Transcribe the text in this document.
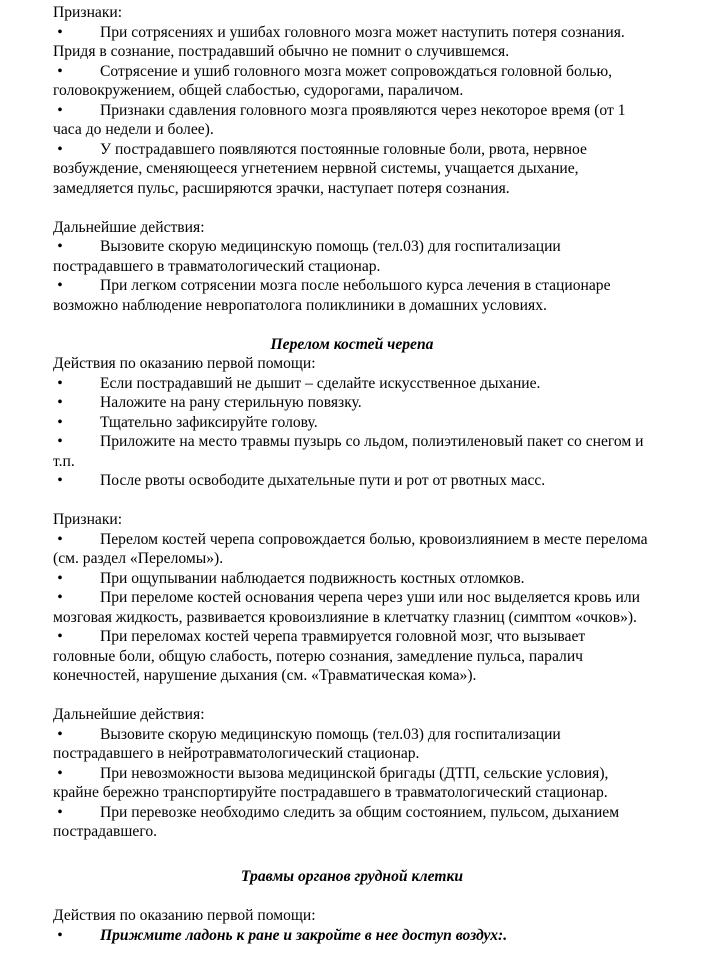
Признаки:
• При сотрясениях и ушибах головного мозга может наступить потеря сознания.
Придя в сознание, пострадавший обычно не помнит о случившемся.
• Сотрясение и ушиб головного мозга может сопровождаться головной болью,
головокружением, общей слабостью, судорогами, параличом.
• Признаки сдавления головного мозга проявляются через некоторое время (от 1
часа до недели и более).
• У пострадавшего появляются постоянные головные боли, рвота, нервное
возбуждение, сменяющееся угнетением нервной системы, учащается дыхание,
замедляется пульс, расширяются зрачки, наступает потеря сознания.
Дальнейшие действия:
• Вызовите скорую медицинскую помощь (тел.03) для госпитализации
пострадавшего в травматологический стационар.
• При легком сотрясении мозга после небольшого курса лечения в стационаре
возможно наблюдение невропатолога поликлиники в домашних условиях.
Перелом костей черепа
Действия по оказанию первой помощи:
• Если пострадавший не дышит – сделайте искусственное дыхание.
• Наложите на рану стерильную повязку.
• Тщательно зафиксируйте голову.
• Приложите на место травмы пузырь со льдом, полиэтиленовый пакет со снегом и
т.п.
• После рвоты освободите дыхательные пути и рот от рвотных масс.
Признаки:
• Перелом костей черепа сопровождается болью, кровоизлиянием в месте перелома
(см. раздел «Переломы»).
• При ощупывании наблюдается подвижность костных отломков.
• При переломе костей основания черепа через уши или нос выделяется кровь или
мозговая жидкость, развивается кровоизлияние в клетчатку глазниц (симптом «очков»).
• При переломах костей черепа травмируется головной мозг, что вызывает
головные боли, общую слабость, потерю сознания, замедление пульса, паралич
конечностей, нарушение дыхания (см. «Травматическая кома»).
Дальнейшие действия:
• Вызовите скорую медицинскую помощь (тел.03) для госпитализации
пострадавшего в нейротравматологический стационар.
• При невозможности вызова медицинской бригады (ДТП, сельские условия),
крайне бережно транспортируйте пострадавшего в травматологический стационар.
• При перевозке необходимо следить за общим состоянием, пульсом, дыханием
пострадавшего.
Травмы органов грудной клетки
Действия по оказанию первой помощи:
• Прижмите ладонь к ране и закройте в нее доступ воздух:.
